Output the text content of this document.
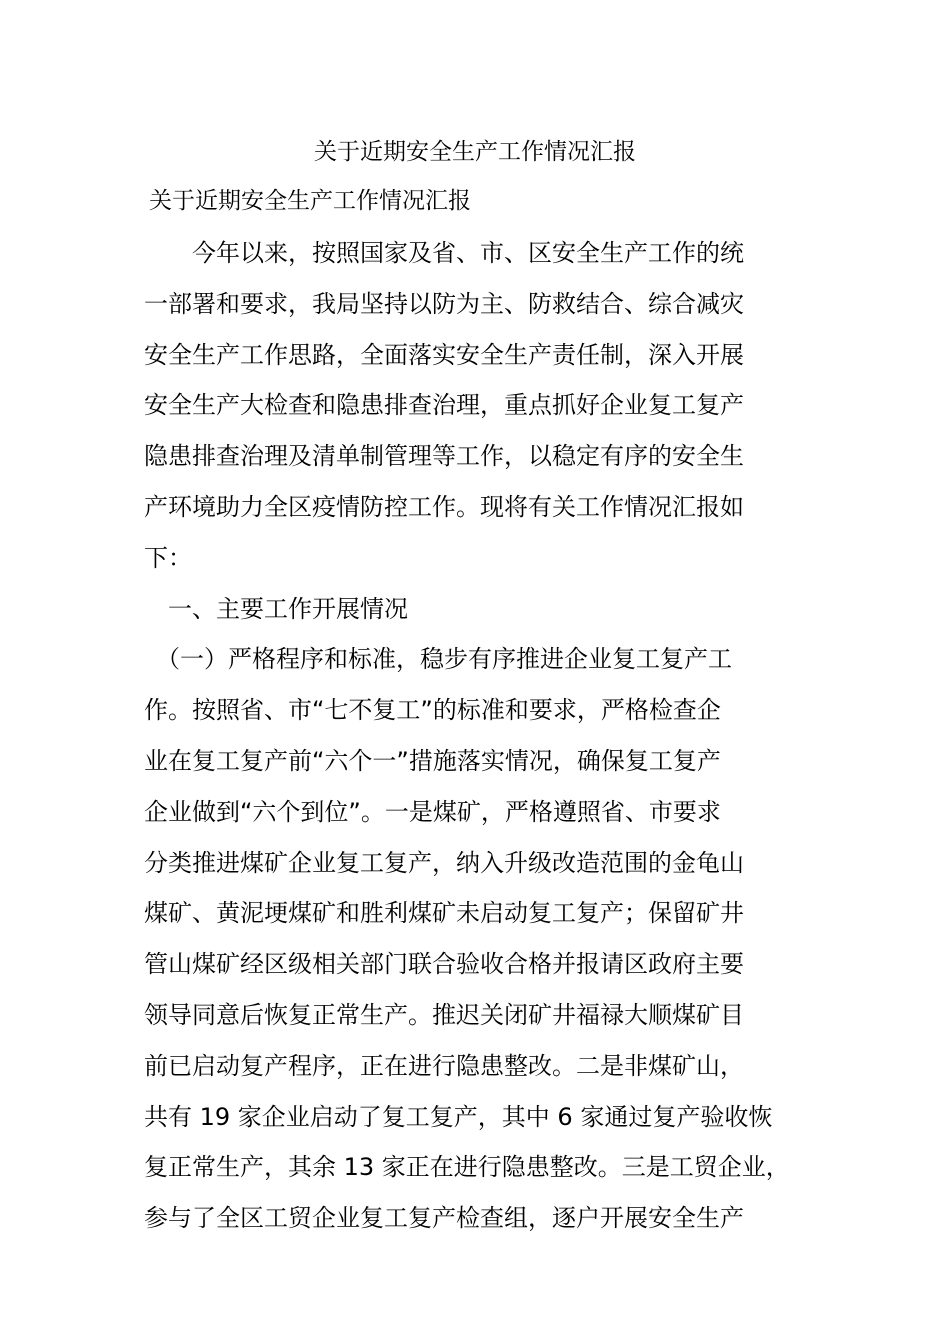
关于近期安全生产工作情况汇报
关于近期安全生产工作情况汇报
　　今年以来，按照国家及省、市、区安全生产工作的统
一部署和要求，我局坚持以防为主、防救结合、综合减灾
安全生产工作思路，全面落实安全生产责任制，深入开展
安全生产大检查和隐患排查治理，重点抓好企业复工复产
隐患排查治理及清单制管理等工作，以稳定有序的安全生
产环境助力全区疫情防控工作。现将有关工作情况汇报如
下：
　一、主要工作开展情况
　（一）严格程序和标准，稳步有序推进企业复工复产工
作。按照省、市“七不复工”的标准和要求，严格检查企
业在复工复产前“六个一”措施落实情况，确保复工复产
企业做到“六个到位”。一是煤矿，严格遵照省、市要求
分类推进煤矿企业复工复产，纳入升级改造范围的金龟山
煤矿、黄泥埂煤矿和胜利煤矿未启动复工复产；保留矿井
管山煤矿经区级相关部门联合验收合格并报请区政府主要
领导同意后恢复正常生产。推迟关闭矿井福禄大顺煤矿目
前已启动复产程序，正在进行隐患整改。二是非煤矿山，
共有 19 家企业启动了复工复产，其中 6 家通过复产验收恢
复正常生产，其余 13 家正在进行隐患整改。三是工贸企业，
参与了全区工贸企业复工复产检查组，逐户开展安全生产
